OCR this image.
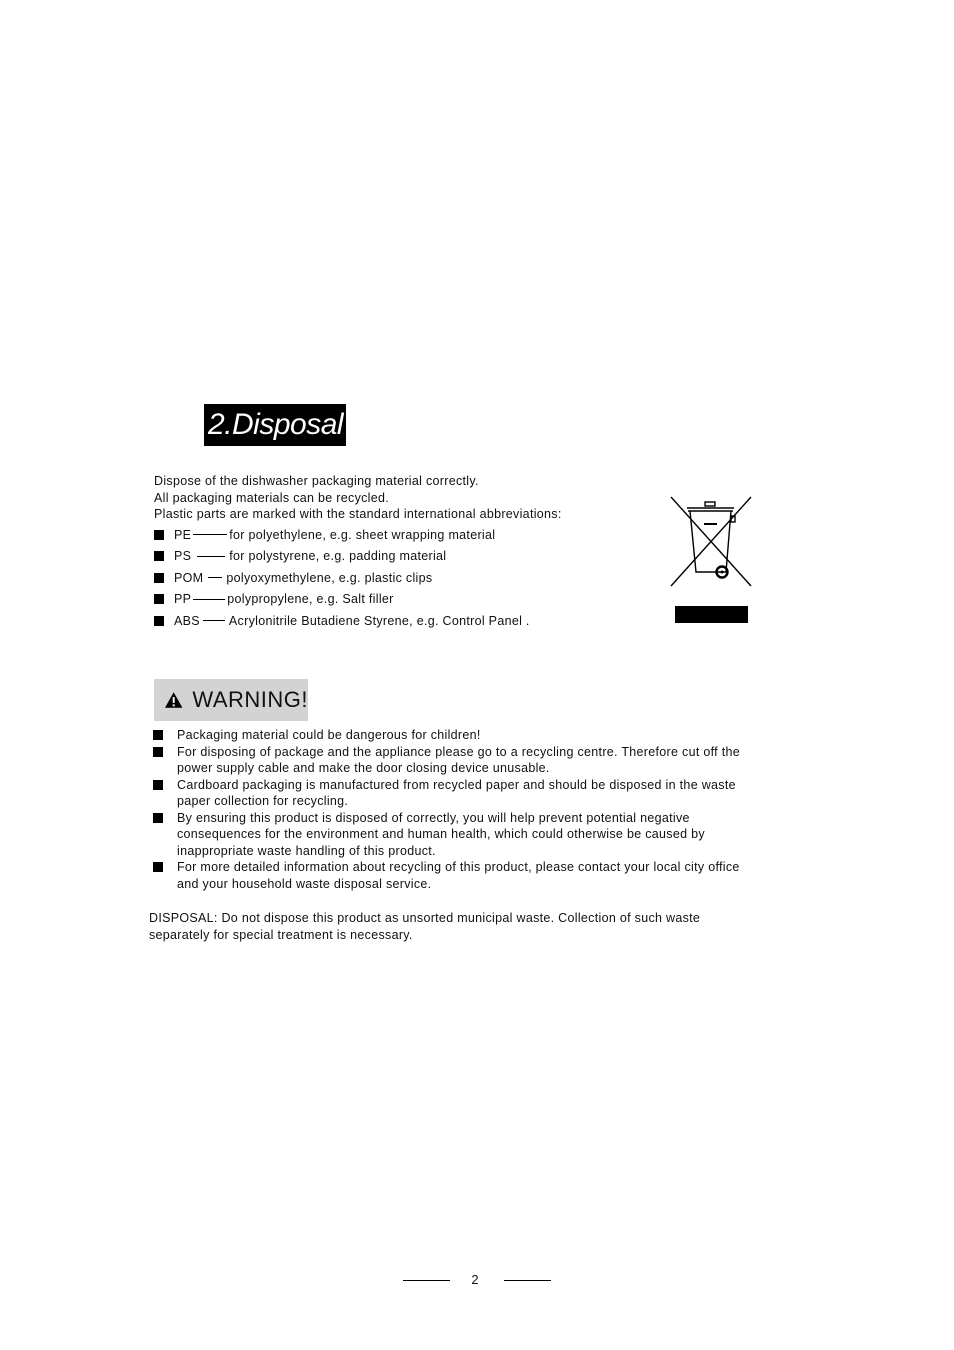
2.Disposal

Dispose of the dishwasher packaging material correctly.

All packaging materials can be recycled.

Plastic parts are marked with the standard international abbreviations:

PE	for polyethylene, e.g. sheet wrapping material
PS	for polystyrene, e.g. padding material
POM polyoxymethylene, e.g. plastic clips
PP	polypropylene, e.g. Salt filler
ABS Acrylonitrile Butadiene Styrene, e.g. Control Panel .
WARNING!
Packaging material could be dangerous for children!
For disposing of package and the appliance please go to a recycling centre. Therefore cut off the power supply cable and make the door closing device unusable.
Cardboard packaging is manufactured from recycled paper and should be disposed in the waste paper collection for recycling.
By ensuring this product is disposed of correctly, you will help prevent potential negative consequences for the environment and human health, which could otherwise be caused by inappropriate waste handling of this product.
For more detailed information about recycling of this product, please contact your local city office and your household waste disposal service.
DISPOSAL: Do not dispose this product as unsorted municipal waste. Collection of such waste separately for special treatment is necessary.
2
